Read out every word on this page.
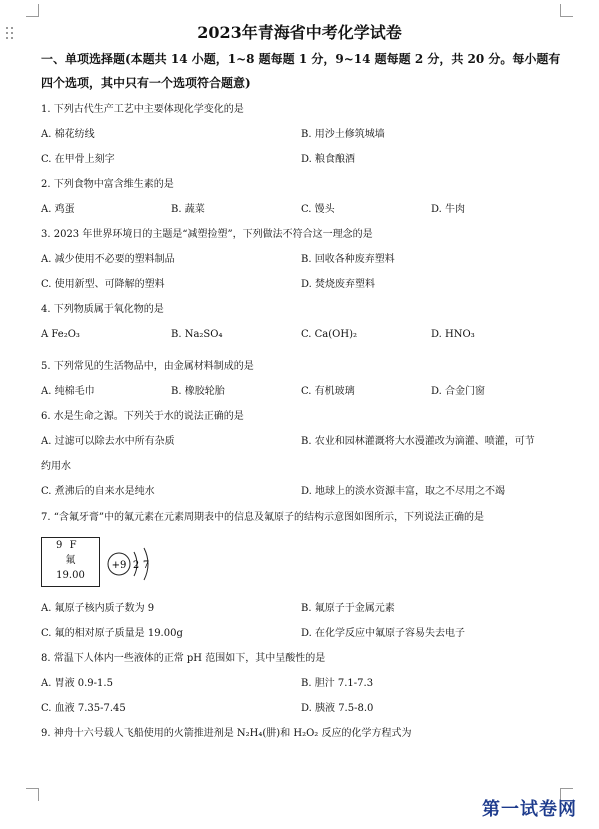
2023年青海省中考化学试卷
一、单项选择题(本题共 14 小题，1~8 题每题 1 分，9~14 题每题 2 分，共 20 分。每小题有
四个选项，其中只有一个选项符合题意)
1. 下列古代生产工艺中主要体现化学变化的是
A. 棉花纺线	B. 用沙土修筑城墙
C. 在甲骨上刻字	D. 粮食酿酒
2. 下列食物中富含维生素的是
A. 鸡蛋	B. 蔬菜	C. 馒头	D. 牛肉
3. 2023 年世界环境日的主题是“减塑捡塑”，下列做法不符合这一理念的是
A. 减少使用不必要的塑料制品	B. 回收各种废弃塑料
C. 使用新型、可降解的塑料	D. 焚烧废弃塑料
4. 下列物质属于氧化物的是
A Fe₂O₃	B. Na₂SO₄	C. Ca(OH)₂	D. HNO₃
5. 下列常见的生活物品中，由金属材料制成的是
A. 纯棉毛巾	B. 橡胶轮胎	C. 有机玻璃	D. 合金门窗
6. 水是生命之源。下列关于水的说法正确的是
A. 过滤可以除去水中所有杂质	B. 农业和园林灌溉将大水漫灌改为滴灌、喷灌，可节
约用水
C. 煮沸后的自来水是纯水	D. 地球上的淡水资源丰富，取之不尽用之不竭
7. “含氟牙膏”中的氟元素在元素周期表中的信息及氟原子的结构示意图如图所示，下列说法正确的是
9 F
氟
19.00
+9 2 7
A. 氟原子核内质子数为 9	B. 氟原子于金属元素
C. 氟的相对原子质量是 19.00g	D. 在化学反应中氟原子容易失去电子
8. 常温下人体内一些液体的正常 pH 范围如下，其中呈酸性的是
A. 胃液 0.9-1.5	B. 胆汁 7.1-7.3
C. 血液 7.35-7.45	D. 胰液 7.5-8.0
9. 神舟十六号载人飞船使用的火箭推进剂是 N₂H₄(肼)和 H₂O₂ 反应的化学方程式为
第一试卷网
